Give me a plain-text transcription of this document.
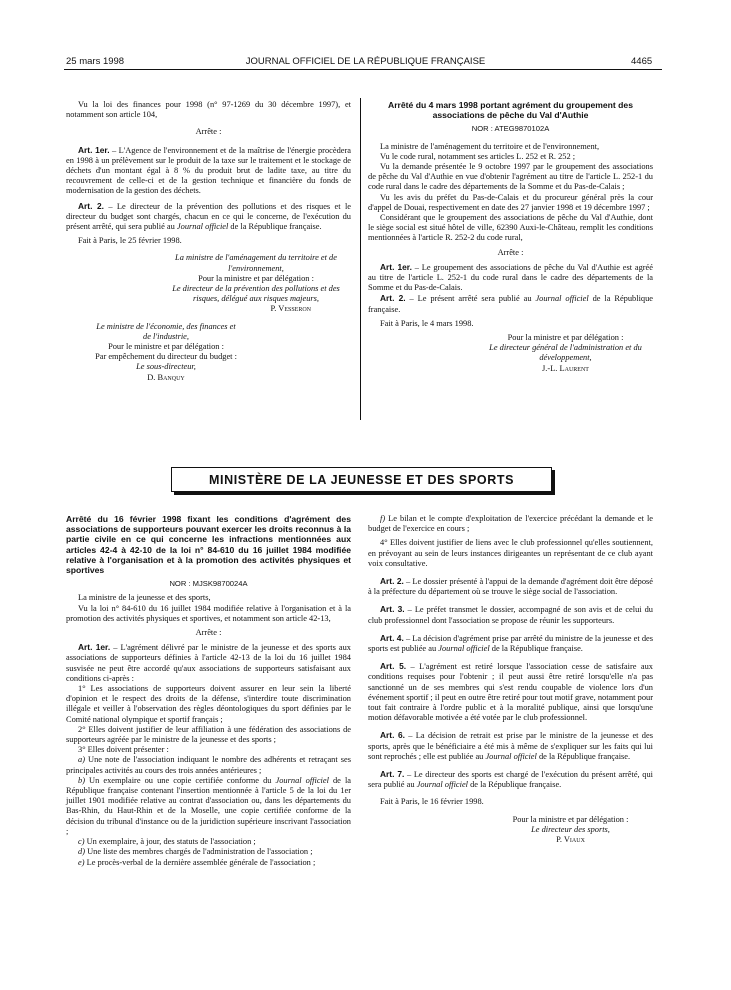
25 mars 1998	JOURNAL OFFICIEL DE LA RÉPUBLIQUE FRANÇAISE	4465

Vu la loi des finances pour 1998 (n° 97-1269 du 30 décembre 1997), et notamment son article 104,

Arrête :

Art. 1er. – L'Agence de l'environnement et de la maîtrise de l'énergie procèdera en 1998 à un prélèvement sur le produit de la taxe sur le traitement et le stockage de déchets d'un montant égal à 8 % du produit brut de ladite taxe, au titre du recouvrement de celle-ci et de la gestion technique et financière du fonds de modernisation de la gestion des déchets.

Art. 2. – Le directeur de la prévention des pollutions et des risques et le directeur du budget sont chargés, chacun en ce qui le concerne, de l'exécution du présent arrêté, qui sera publié au Journal officiel de la République française.

Fait à Paris, le 25 février 1998.

La ministre de l'aménagement du territoire et de l'environnement,

Pour la ministre et par délégation :

Le directeur de la prévention des pollutions et des risques, délégué aux risques majeurs,

P. Vesseron

Le ministre de l'économie, des finances et de l'industrie,

Pour le ministre et par délégation :

Par empêchement du directeur du budget :

Le sous-directeur,

D. Banquy

Arrêté du 4 mars 1998 portant agrément du groupement des associations de pêche du Val d'Authie

NOR : ATEG9870102A

La ministre de l'aménagement du territoire et de l'environnement,

Vu le code rural, notamment ses articles L. 252 et R. 252 ;

Vu la demande présentée le 9 octobre 1997 par le groupement des associations de pêche du Val d'Authie en vue d'obtenir l'agrément au titre de l'article L. 252-1 du code rural dans le cadre des départements de la Somme et du Pas-de-Calais ;

Vu les avis du préfet du Pas-de-Calais et du procureur général près la cour d'appel de Douai, respectivement en date des 27 janvier 1998 et 19 décembre 1997 ;

Considérant que le groupement des associations de pêche du Val d'Authie, dont le siège social est situé hôtel de ville, 62390 Auxi-le-Château, remplit les conditions mentionnées à l'article R. 252-2 du code rural,

Arrête :

Art. 1er. – Le groupement des associations de pêche du Val d'Authie est agréé au titre de l'article L. 252-1 du code rural dans le cadre des départements de la Somme et du Pas-de-Calais.

Art. 2. – Le présent arrêté sera publié au Journal officiel de la République française.

Fait à Paris, le 4 mars 1998.

Pour la ministre et par délégation :

Le directeur général de l'administration et du développement,

J.-L. Laurent

MINISTÈRE DE LA JEUNESSE ET DES SPORTS

Arrêté du 16 février 1998 fixant les conditions d'agrément des associations de supporteurs pouvant exercer les droits reconnus à la partie civile en ce qui concerne les infractions mentionnées aux articles 42-4 à 42-10 de la loi n° 84-610 du 16 juillet 1984 modifiée relative à l'organisation et à la promotion des activités physiques et sportives

NOR : MJSK9870024A

La ministre de la jeunesse et des sports,

Vu la loi n° 84-610 du 16 juillet 1984 modifiée relative à l'organisation et à la promotion des activités physiques et sportives, et notamment son article 42-13,

Arrête :

Art. 1er. – L'agrément délivré par le ministre de la jeunesse et des sports aux associations de supporteurs définies à l'article 42-13 de la loi du 16 juillet 1984 susvisée ne peut être accordé qu'aux associations de supporteurs satisfaisant aux conditions ci-après :

1° Les associations de supporteurs doivent assurer en leur sein la liberté d'opinion et le respect des droits de la défense, s'interdire toute discrimination illégale et veiller à l'observation des règles déontologiques du sport définies par le Comité national olympique et sportif français ;

2° Elles doivent justifier de leur affiliation à une fédération des associations de supporteurs agréée par le ministre de la jeunesse et des sports ;

3° Elles doivent présenter :

a) Une note de l'association indiquant le nombre des adhérents et retraçant ses principales activités au cours des trois années antérieures ;

b) Un exemplaire ou une copie certifiée conforme du Journal officiel de la République française contenant l'insertion mentionnée à l'article 5 de la loi du 1er juillet 1901 modifiée relative au contrat d'association ou, dans les départements du Bas-Rhin, du Haut-Rhin et de la Moselle, une copie certifiée conforme de la décision du tribunal d'instance ou de la juridiction supérieure inscrivant l'association ;

c) Un exemplaire, à jour, des statuts de l'association ;

d) Une liste des membres chargés de l'administration de l'association ;

e) Le procès-verbal de la dernière assemblée générale de l'association ;

f) Le bilan et le compte d'exploitation de l'exercice précédant la demande et le budget de l'exercice en cours ;

4° Elles doivent justifier de liens avec le club professionnel qu'elles soutiennent, en prévoyant au sein de leurs instances dirigeantes un représentant de ce club ayant voix consultative.

Art. 2. – Le dossier présenté à l'appui de la demande d'agrément doit être déposé à la préfecture du département où se trouve le siège social de l'association.

Art. 3. – Le préfet transmet le dossier, accompagné de son avis et de celui du club professionnel dont l'association se propose de réunir les supporteurs.

Art. 4. – La décision d'agrément prise par arrêté du ministre de la jeunesse et des sports est publiée au Journal officiel de la République française.

Art. 5. – L'agrément est retiré lorsque l'association cesse de satisfaire aux conditions requises pour l'obtenir ; il peut aussi être retiré lorsqu'elle n'a pas sanctionné un de ses membres qui s'est rendu coupable de violence lors d'un événement sportif ; il peut en outre être retiré pour tout motif grave, notamment pour tout fait contraire à l'ordre public et à la moralité publique, ainsi que lorsqu'une motion défavorable motivée a été votée par le club professionnel.

Art. 6. – La décision de retrait est prise par le ministre de la jeunesse et des sports, après que le bénéficiaire a été mis à même de s'expliquer sur les faits qui lui sont reprochés ; elle est publiée au Journal officiel de la République française.

Art. 7. – Le directeur des sports est chargé de l'exécution du présent arrêté, qui sera publié au Journal officiel de la République française.

Fait à Paris, le 16 février 1998.

Pour la ministre et par délégation :

Le directeur des sports,

P. Viaux
